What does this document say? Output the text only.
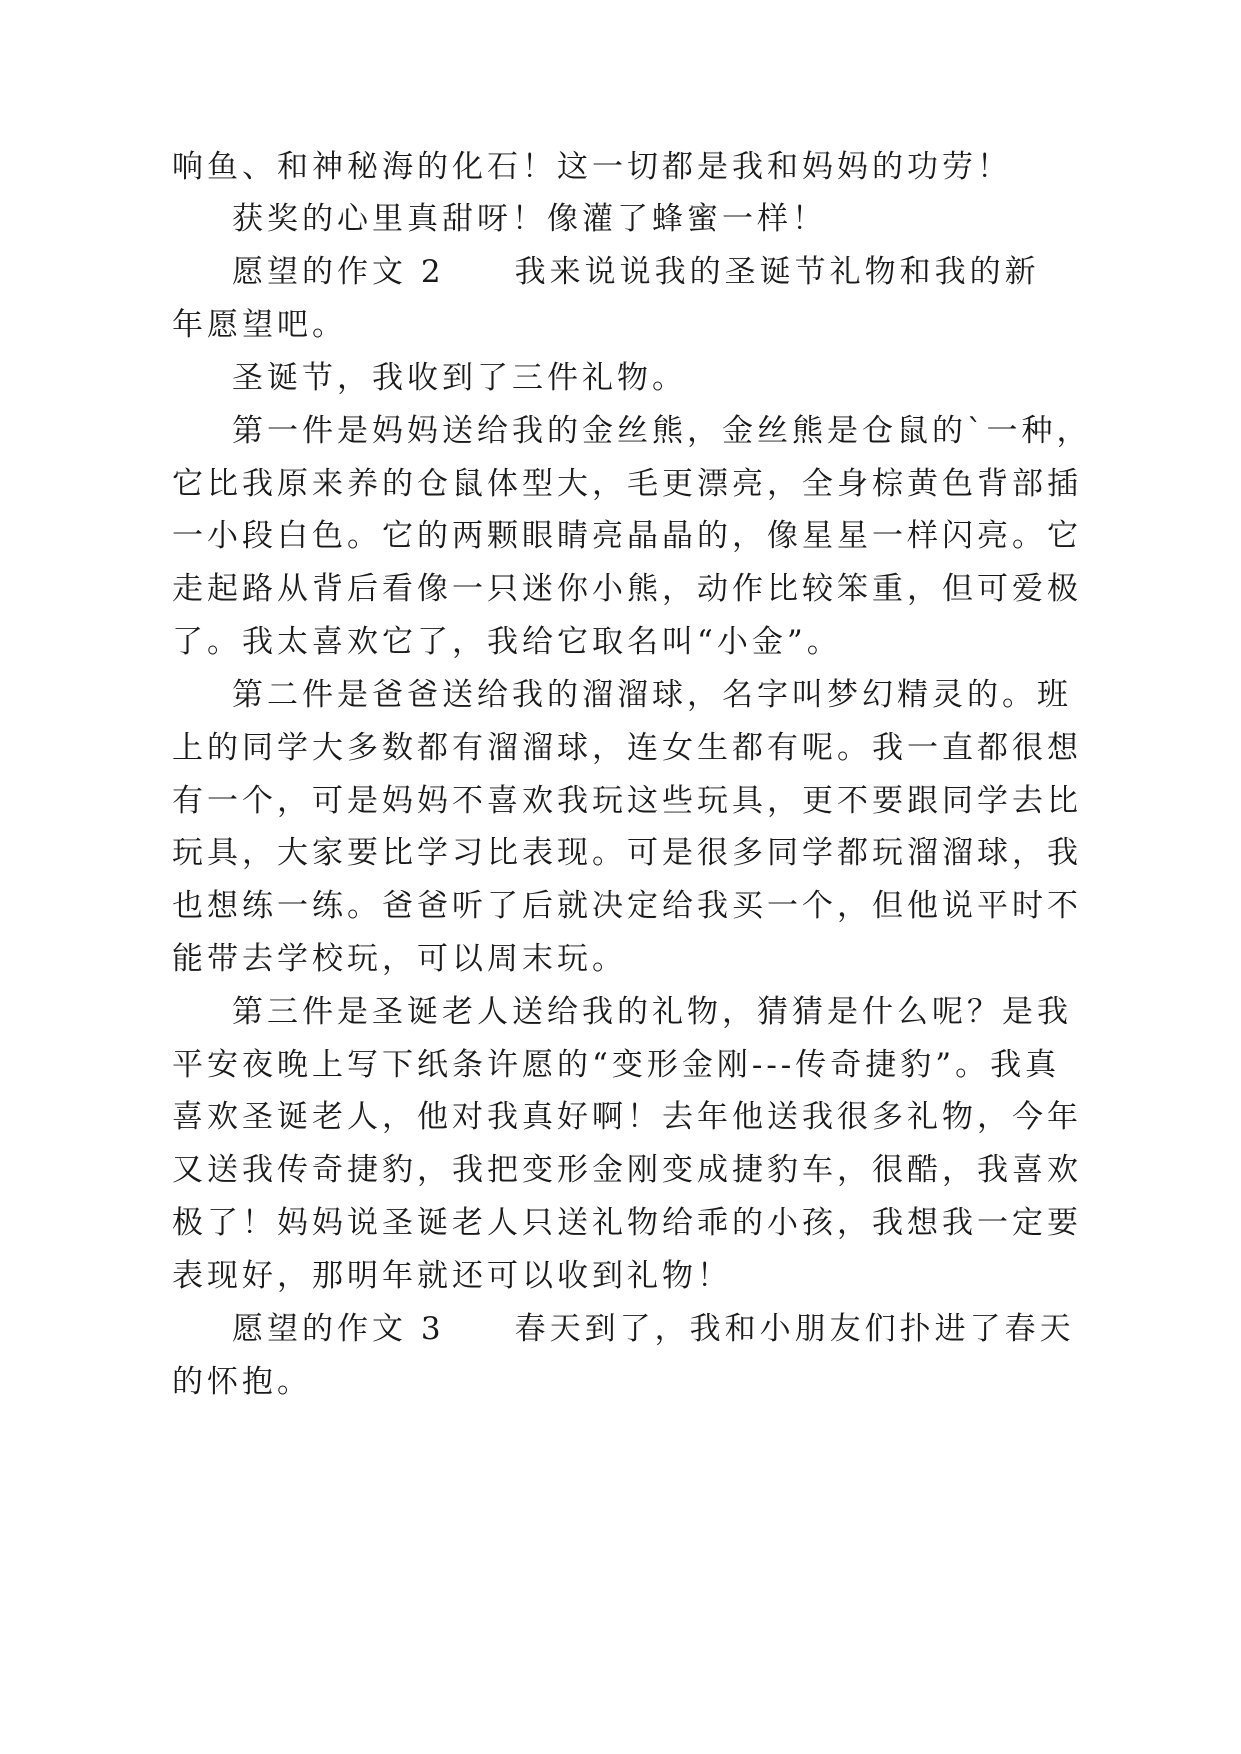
响鱼、和神秘海的化石！这一切都是我和妈妈的功劳！
获奖的心里真甜呀！像灌了蜂蜜一样！
愿望的作文 2　　我来说说我的圣诞节礼物和我的新
年愿望吧。
圣诞节，我收到了三件礼物。
第一件是妈妈送给我的金丝熊，金丝熊是仓鼠的`一种，
它比我原来养的仓鼠体型大，毛更漂亮，全身棕黄色背部插
一小段白色。它的两颗眼睛亮晶晶的，像星星一样闪亮。它
走起路从背后看像一只迷你小熊，动作比较笨重，但可爱极
了。我太喜欢它了，我给它取名叫“小金”。
第二件是爸爸送给我的溜溜球，名字叫梦幻精灵的。班
上的同学大多数都有溜溜球，连女生都有呢。我一直都很想
有一个，可是妈妈不喜欢我玩这些玩具，更不要跟同学去比
玩具，大家要比学习比表现。可是很多同学都玩溜溜球，我
也想练一练。爸爸听了后就决定给我买一个，但他说平时不
能带去学校玩，可以周末玩。
第三件是圣诞老人送给我的礼物，猜猜是什么呢？是我
平安夜晚上写下纸条许愿的“变形金刚---传奇捷豹”。我真
喜欢圣诞老人，他对我真好啊！去年他送我很多礼物，今年
又送我传奇捷豹，我把变形金刚变成捷豹车，很酷，我喜欢
极了！妈妈说圣诞老人只送礼物给乖的小孩，我想我一定要
表现好，那明年就还可以收到礼物！
愿望的作文 3　　春天到了，我和小朋友们扑进了春天
的怀抱。
